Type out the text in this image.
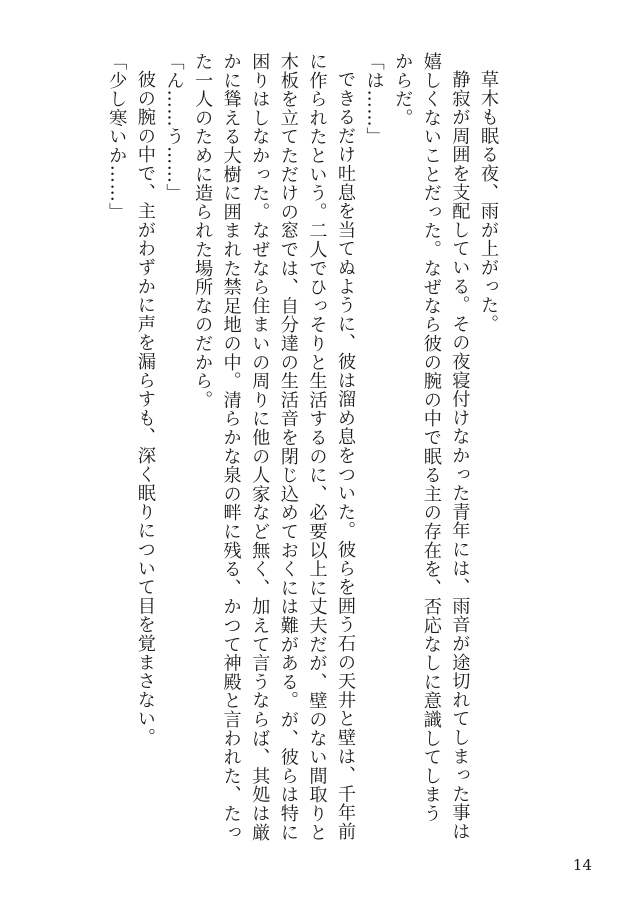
草木も眠る夜、雨が上がった。
静寂が周囲を支配している。その夜寝付けなかった青年には、雨音が途切れてしまった事は
嬉しくないことだった。なぜなら彼の腕の中で眠る主の存在を、否応なしに意識してしまう
からだ。
「は……」
できるだけ吐息を当てぬように、彼は溜め息をついた。彼らを囲う石の天井と壁は、千年前
に作られたという。二人でひっそりと生活するのに、必要以上に丈夫だが、壁のない間取りと
木板を立てただけの窓では、自分達の生活音を閉じ込めておくには難がある。が、彼らは特に
困りはしなかった。なぜなら住まいの周りに他の人家など無く、加えて言うならば、其処は厳
かに聳える大樹に囲まれた禁足地の中。清らかな泉の畔に残る、かつて神殿と言われた、たっ
た一人のために造られた場所なのだから。
「ん……う……」
彼の腕の中で、主がわずかに声を漏らすも、深く眠りについて目を覚まさない。
「少し寒いか……」
14
